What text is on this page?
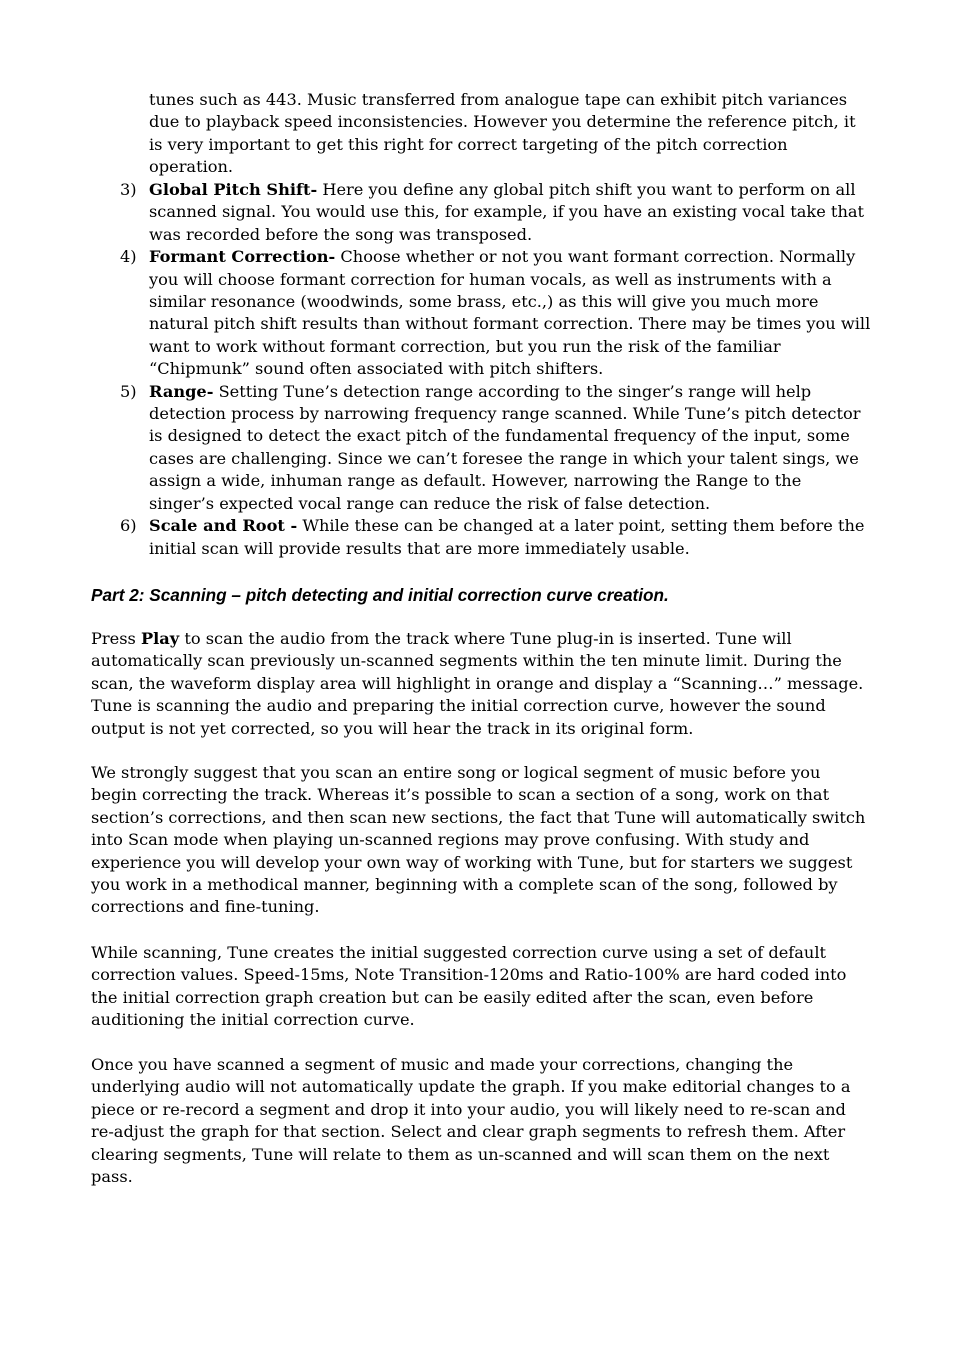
tunes such as 443. Music transferred from analogue tape can exhibit pitch variances due to playback speed inconsistencies. However you determine the reference pitch, it is very important to get this right for correct targeting of the pitch correction operation.

3) Global Pitch Shift- Here you define any global pitch shift you want to perform on all scanned signal. You would use this, for example, if you have an existing vocal take that was recorded before the song was transposed.
4) Formant Correction- Choose whether or not you want formant correction. Normally you will choose formant correction for human vocals, as well as instruments with a similar resonance (woodwinds, some brass, etc.,) as this will give you much more natural pitch shift results than without formant correction. There may be times you will want to work without formant correction, but you run the risk of the familiar “Chipmunk” sound often associated with pitch shifters.
5) Range- Setting Tune’s detection range according to the singer’s range will help detection process by narrowing frequency range scanned. While Tune’s pitch detector is designed to detect the exact pitch of the fundamental frequency of the input, some cases are challenging. Since we can’t foresee the range in which your talent sings, we assign a wide, inhuman range as default. However, narrowing the Range to the singer’s expected vocal range can reduce the risk of false detection.
6) Scale and Root - While these can be changed at a later point, setting them before the initial scan will provide results that are more immediately usable.
Part 2: Scanning – pitch detecting and initial correction curve creation.

Press Play to scan the audio from the track where Tune plug-in is inserted. Tune will automatically scan previously un-scanned segments within the ten minute limit. During the scan, the waveform display area will highlight in orange and display a “Scanning…” message. Tune is scanning the audio and preparing the initial correction curve, however the sound output is not yet corrected, so you will hear the track in its original form.

We strongly suggest that you scan an entire song or logical segment of music before you begin correcting the track. Whereas it’s possible to scan a section of a song, work on that section’s corrections, and then scan new sections, the fact that Tune will automatically switch into Scan mode when playing un-scanned regions may prove confusing. With study and experience you will develop your own way of working with Tune, but for starters we suggest you work in a methodical manner, beginning with a complete scan of the song, followed by corrections and fine-tuning.

While scanning, Tune creates the initial suggested correction curve using a set of default correction values. Speed-15ms, Note Transition-120ms and Ratio-100% are hard coded into the initial correction graph creation but can be easily edited after the scan, even before auditioning the initial correction curve.

Once you have scanned a segment of music and made your corrections, changing the underlying audio will not automatically update the graph. If you make editorial changes to a piece or re-record a segment and drop it into your audio, you will likely need to re-scan and re-adjust the graph for that section. Select and clear graph segments to refresh them. After clearing segments, Tune will relate to them as un-scanned and will scan them on the next pass.
